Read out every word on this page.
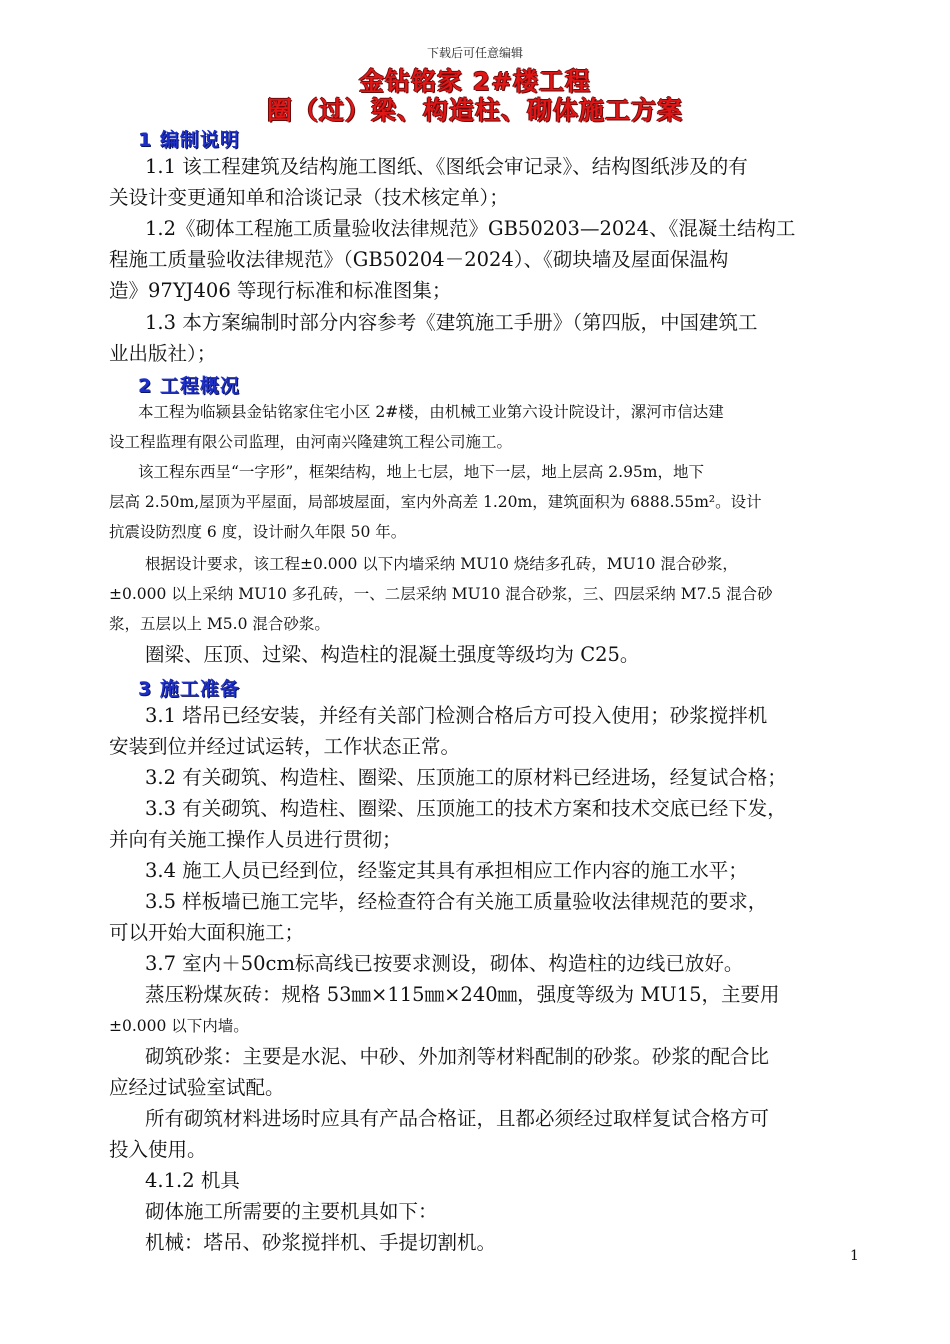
下载后可任意编辑
金钻铭家 2#楼工程
圈（过）梁、构造柱、砌体施工方案
1 编制说明
1.1 该工程建筑及结构施工图纸、《图纸会审记录》、结构图纸涉及的有
关设计变更通知单和洽谈记录（技术核定单）；
1.2《砌体工程施工质量验收法律规范》GB50203—2024、《混凝土结构工
程施工质量验收法律规范》（GB50204－2024）、《砌块墙及屋面保温构
造》97YJ406 等现行标准和标准图集；
1.3 本方案编制时部分内容参考《建筑施工手册》（第四版，中国建筑工
业出版社）；
2 工程概况
本工程为临颍县金钻铭家住宅小区 2#楼，由机械工业第六设计院设计，漯河市信达建
设工程监理有限公司监理，由河南兴隆建筑工程公司施工。
该工程东西呈“一字形”，框架结构，地上七层，地下一层，地上层高 2.95m，地下
层高 2.50m,屋顶为平屋面，局部坡屋面，室内外高差 1.20m，建筑面积为 6888.55m²。设计
抗震设防烈度 6 度，设计耐久年限 50 年。
根据设计要求，该工程±0.000 以下内墙采纳 MU10 烧结多孔砖，MU10 混合砂浆，
±0.000 以上采纳 MU10 多孔砖，一、二层采纳 MU10 混合砂浆，三、四层采纳 M7.5 混合砂
浆，五层以上 M5.0 混合砂浆。
圈梁、压顶、过梁、构造柱的混凝土强度等级均为 C25。
3 施工准备
3.1 塔吊已经安装，并经有关部门检测合格后方可投入使用；砂浆搅拌机
安装到位并经过试运转，工作状态正常。
3.2 有关砌筑、构造柱、圈梁、压顶施工的原材料已经进场，经复试合格；
3.3 有关砌筑、构造柱、圈梁、压顶施工的技术方案和技术交底已经下发，
并向有关施工操作人员进行贯彻；
3.4 施工人员已经到位，经鉴定其具有承担相应工作内容的施工水平；
3.5 样板墙已施工完毕，经检查符合有关施工质量验收法律规范的要求，
可以开始大面积施工；
3.7 室内＋50cm标高线已按要求测设，砌体、构造柱的边线已放好。
蒸压粉煤灰砖：规格 53㎜×115㎜×240㎜，强度等级为 MU15，主要用
±0.000 以下内墙。
砌筑砂浆：主要是水泥、中砂、外加剂等材料配制的砂浆。砂浆的配合比
应经过试验室试配。
所有砌筑材料进场时应具有产品合格证，且都必须经过取样复试合格方可
投入使用。
4.1.2 机具
砌体施工所需要的主要机具如下：
机械：塔吊、砂浆搅拌机、手提切割机。
1
